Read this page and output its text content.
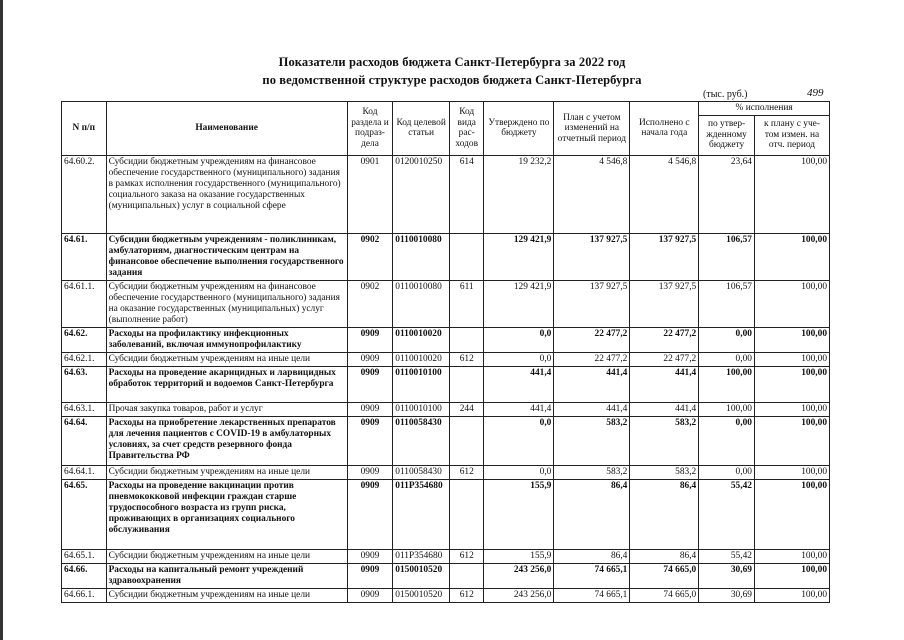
Показатели расходов бюджета Санкт-Петербурга за 2022 год
по ведомственной структуре расходов бюджета Санкт-Петербурга
(тыс. руб.)	499
N п/п	Наименование	Код раздела и подраз-дела	Код целевой статьи	Код вида рас-ходов	Утверждено по бюджету	План с учетом изменений на отчетный период	Исполнено с начала года	% исполнения	
								по утвер-жденному бюджету	к плану с уче-том измен. на отч. период
64.60.2.	Субсидии бюджетным учреждениям на финансовое обеспечение государственного (муниципального) задания в рамках исполнения государственного (муниципального) социального заказа на оказание государственных (муниципальных) услуг в социальной сфере	0901	0120010250	614	19 232,2	4 546,8	4 546,8	23,64	100,00
64.61.	Субсидии бюджетным учреждениям - поликлиникам, амбулаториям, диагностическим центрам на финансовое обеспечение выполнения государственного задания	0902	0110010080		129 421,9	137 927,5	137 927,5	106,57	100,00
64.61.1.	Субсидии бюджетным учреждениям на финансовое обеспечение государственного (муниципального) задания на оказание государственных (муниципальных) услуг (выполнение работ)	0902	0110010080	611	129 421,9	137 927,5	137 927,5	106,57	100,00
64.62.	Расходы на профилактику инфекционных заболеваний, включая иммунопрофилактику	0909	0110010020		0,0	22 477,2	22 477,2	0,00	100,00
64.62.1.	Субсидии бюджетным учреждениям на иные цели	0909	0110010020	612	0,0	22 477,2	22 477,2	0,00	100,00
64.63.	Расходы на проведение акарицидных и ларвицидных обработок территорий и водоемов Санкт-Петербурга	0909	0110010100		441,4	441,4	441,4	100,00	100,00
64.63.1.	Прочая закупка товаров, работ и услуг	0909	0110010100	244	441,4	441,4	441,4	100,00	100,00
64.64.	Расходы на приобретение лекарственных препаратов для лечения пациентов с COVID-19 в амбулаторных условиях, за счет средств резервного фонда Правительства РФ	0909	0110058430		0,0	583,2	583,2	0,00	100,00
64.64.1.	Субсидии бюджетным учреждениям на иные цели	0909	0110058430	612	0,0	583,2	583,2	0,00	100,00
64.65.	Расходы на проведение вакцинации против пневмококковой инфекции граждан старше трудоспособного возраста из групп риска, проживающих в организациях социального обслуживания	0909	011P354680		155,9	86,4	86,4	55,42	100,00
64.65.1.	Субсидии бюджетным учреждениям на иные цели	0909	011P354680	612	155,9	86,4	86,4	55,42	100,00
64.66.	Расходы на капитальный ремонт учреждений здравоохранения	0909	0150010520		243 256,0	74 665,1	74 665,0	30,69	100,00
64.66.1.	Субсидии бюджетным учреждениям на иные цели	0909	0150010520	612	243 256,0	74 665,1	74 665,0	30,69	100,00
